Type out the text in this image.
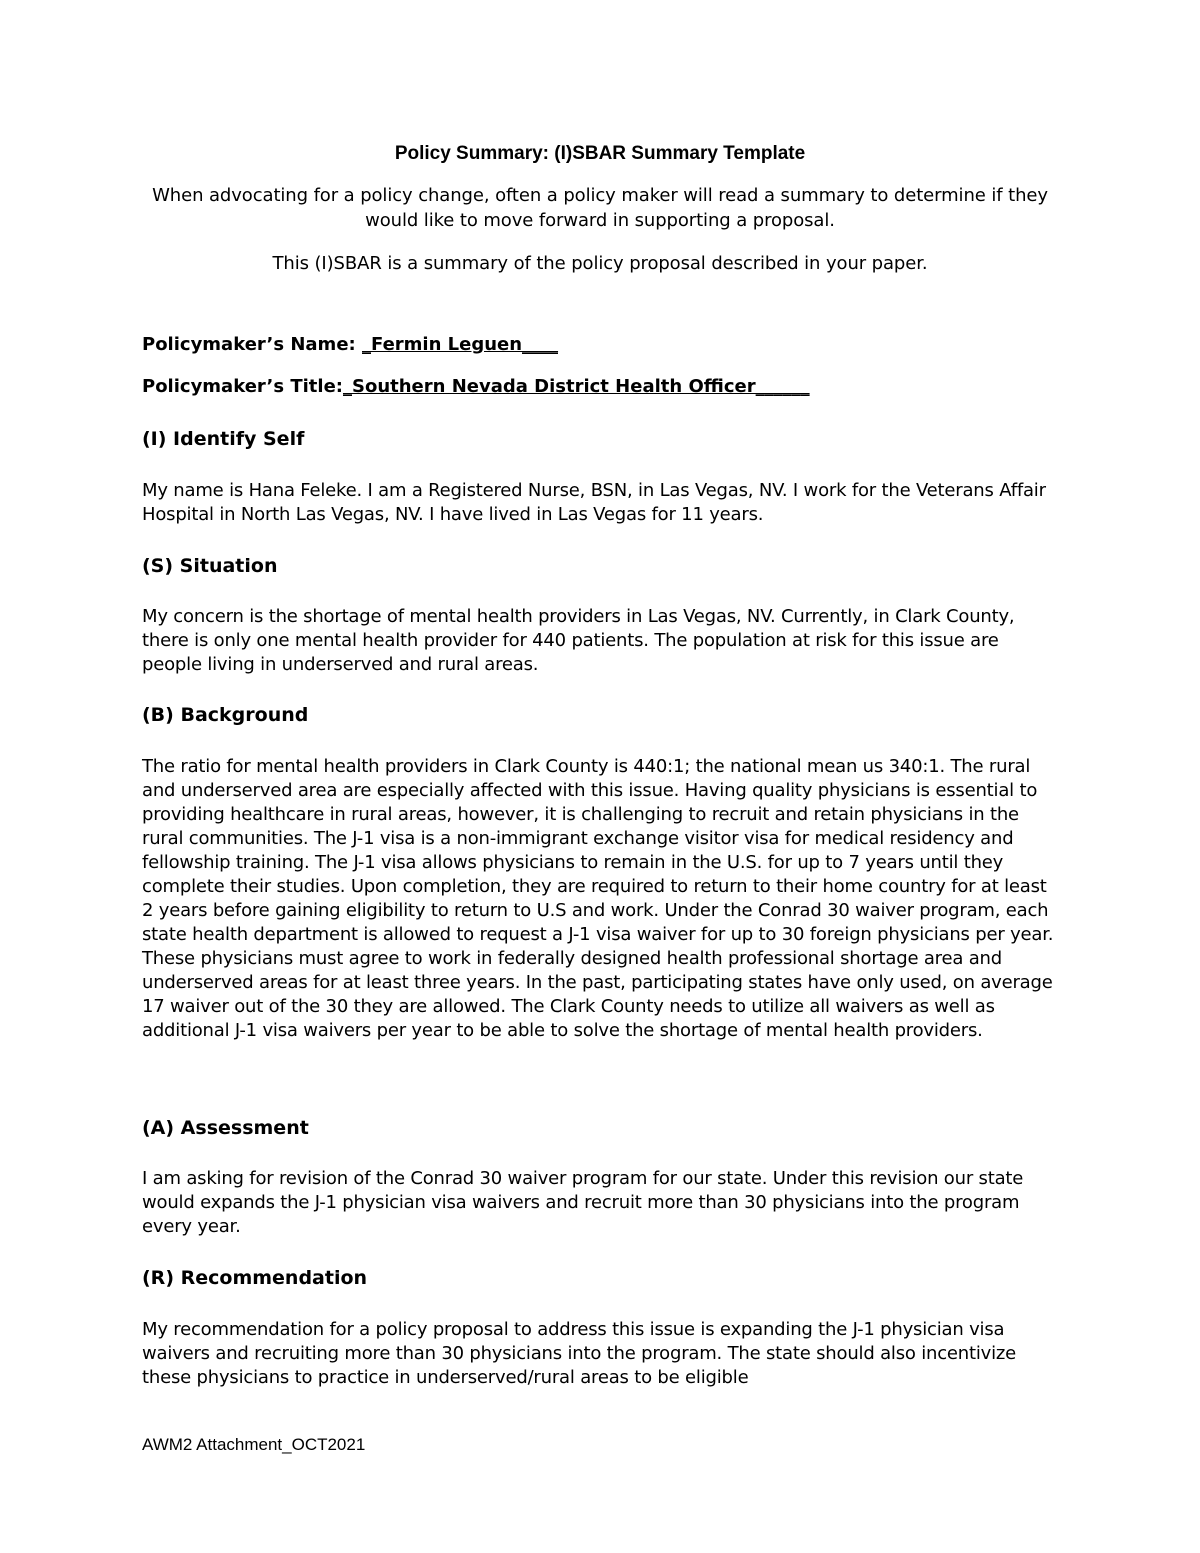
Policy Summary: (I)SBAR Summary Template

When advocating for a policy change, often a policy maker will read a summary to determine if they would like to move forward in supporting a proposal.

This (I)SBAR is a summary of the policy proposal described in your paper.

Policymaker’s Name: _Fermin Leguen____

Policymaker’s Title:_Southern Nevada District Health Officer______

(I) Identify Self

My name is Hana Feleke. I am a Registered Nurse, BSN, in Las Vegas, NV. I work for the Veterans Affair Hospital in North Las Vegas, NV. I have lived in Las Vegas for 11 years.

(S) Situation

My concern is the shortage of mental health providers in Las Vegas, NV. Currently, in Clark County, there is only one mental health provider for 440 patients. The population at risk for this issue are people living in underserved and rural areas.

(B) Background

The ratio for mental health providers in Clark County is 440:1; the national mean us 340:1. The rural and underserved area are especially affected with this issue. Having quality physicians is essential to providing healthcare in rural areas, however, it is challenging to recruit and retain physicians in the rural communities. The J-1 visa is a non-immigrant exchange visitor visa for medical residency and fellowship training. The J-1 visa allows physicians to remain in the U.S. for up to 7 years until they complete their studies. Upon completion, they are required to return to their home country for at least 2 years before gaining eligibility to return to U.S and work. Under the Conrad 30 waiver program, each state health department is allowed to request a J-1 visa waiver for up to 30 foreign physicians per year. These physicians must agree to work in federally designed health professional shortage area and underserved areas for at least three years. In the past, participating states have only used, on average 17 waiver out of the 30 they are allowed. The Clark County needs to utilize all waivers as well as additional J-1 visa waivers per year to be able to solve the shortage of mental health providers.

(A) Assessment

I am asking for revision of the Conrad 30 waiver program for our state. Under this revision our state would expands the J-1 physician visa waivers and recruit more than 30 physicians into the program every year.

(R) Recommendation

My recommendation for a policy proposal to address this issue is expanding the J-1 physician visa waivers and recruiting more than 30 physicians into the program. The state should also incentivize these physicians to practice in underserved/rural areas to be eligible

AWM2 Attachment_OCT2021
